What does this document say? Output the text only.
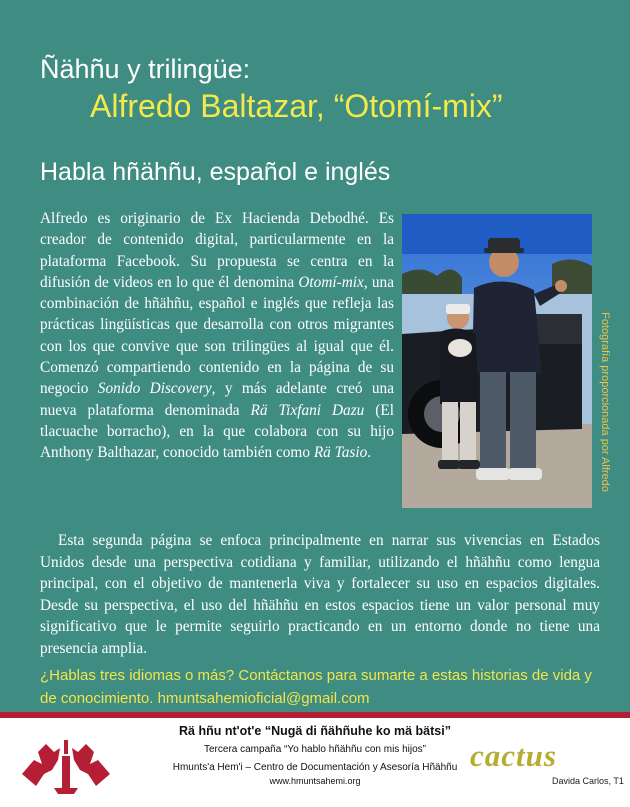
Ñähñu y trilingüe:
Alfredo Baltazar, “Otomí-mix”
Habla hñähñu, español e inglés

Alfredo es originario de Ex Hacienda Debodhé. Es creador de contenido digital, particularmente en la plataforma Facebook. Su propuesta se centra en la difusión de videos en lo que él denomina Otomí-mix, una combinación de hñähñu, español e inglés que refleja las prácticas lingüísticas que desarrolla con otros migrantes con los que convive que son trilingües al igual que él. Comenzó compartiendo contenido en la página de su negocio Sonido Discovery, y más adelante creó una nueva plataforma denominada Rä Tixfani Dazu (El tlacuache borracho), en la que colabora con su hijo Anthony Balthazar, conocido también como Rä Tasio.	Fotografía proporcionada por Alfredo

Esta segunda página se enfoca principalmente en narrar sus vivencias en Estados Unidos desde una perspectiva cotidiana y familiar, utilizando el hñähñu como lengua principal, con el objetivo de mantenerla viva y fortalecer su uso en espacios digitales. Desde su perspectiva, el uso del hñähñu en estos espacios tiene un valor personal muy significativo que le permite seguirlo practicando en un entorno donde no tiene una presencia amplia.

¿Hablas tres idiomas o más? Contáctanos para sumarte a estas historias de vida y de conocimiento. hmuntsahemioficial@gmail.com
Rä hñu nt'ot'e “Nugä di ñähñuhe ko mä bätsi”
Tercera campaña “Yo hablo hñähñu con mis hijos”
Hmunts'a Hem'i – Centro de Documentación y Asesoría Hñähñu
www.hmuntsahemi.org
cactus
Davida Carlos, T1
